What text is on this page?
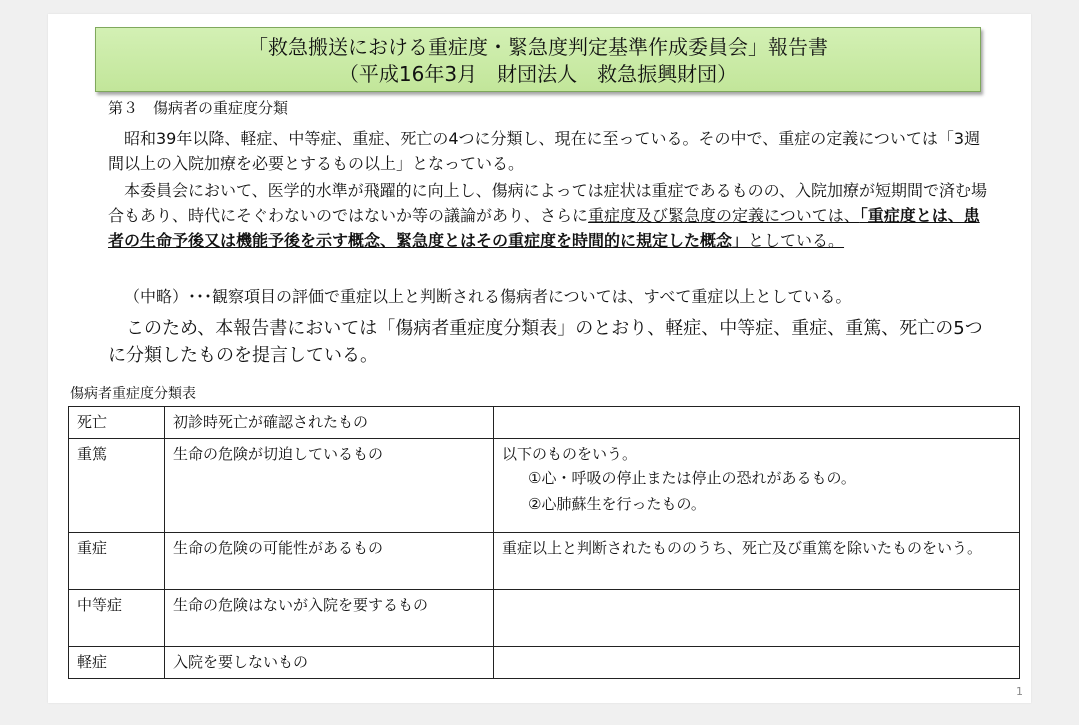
「救急搬送における重症度・緊急度判定基準作成委員会」報告書
（平成16年3月　財団法人　救急振興財団）
第３　傷病者の重症度分類
昭和39年以降、軽症、中等症、重症、死亡の4つに分類し、現在に至っている。その中で、重症の定義については「3週間以上の入院加療を必要とするもの以上」となっている。
本委員会において、医学的水準が飛躍的に向上し、傷病によっては症状は重症であるものの、入院加療が短期間で済む場合もあり、時代にそぐわないのではないか等の議論があり、さらに重症度及び緊急度の定義については、「重症度とは、患者の生命予後又は機能予後を示す概念、緊急度とはその重症度を時間的に規定した概念」としている。
（中略）･･･観察項目の評価で重症以上と判断される傷病者については、すべて重症以上としている。
このため、本報告書においては「傷病者重症度分類表」のとおり、軽症、中等症、重症、重篤、死亡の5つに分類したものを提言している。
傷病者重症度分類表
死亡	初診時死亡が確認されたもの	
重篤	生命の危険が切迫しているもの	以下のものをいう。
①心・呼吸の停止または停止の恐れがあるもの。
②心肺蘇生を行ったもの。

重症	生命の危険の可能性があるもの	重症以上と判断されたもののうち、死亡及び重篤を除いたものをいう。
中等症	生命の危険はないが入院を要するもの	
軽症	入院を要しないもの	
1
